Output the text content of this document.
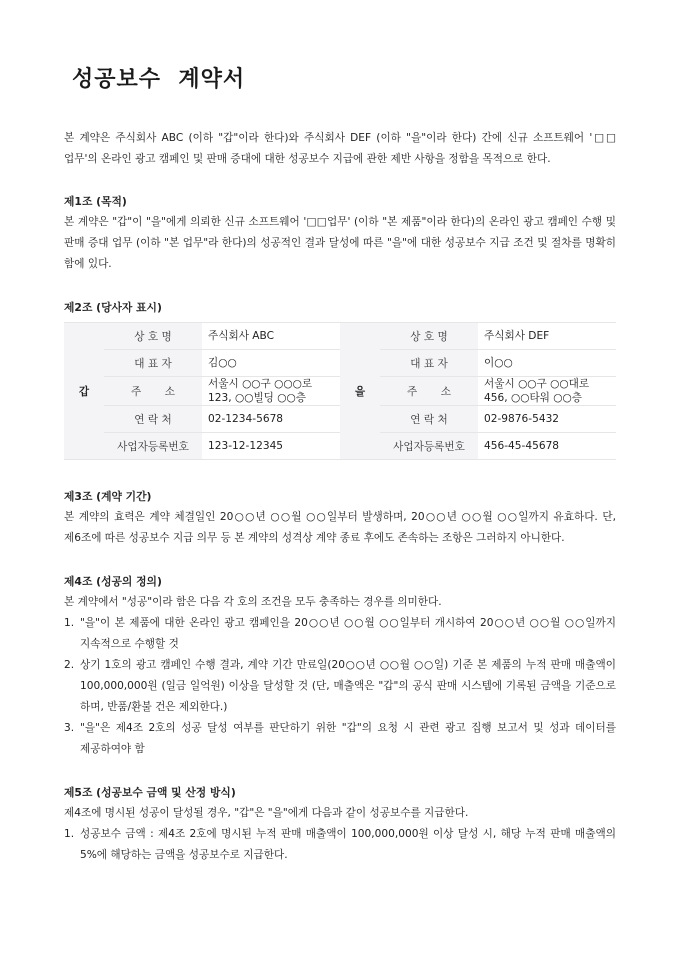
성공보수  계약서

본 계약은 주식회사 ABC (이하 "갑"이라 한다)와 주식회사 DEF (이하 "을"이라 한다) 간에 신규 소프트웨어 '□□업무'의 온라인 광고 캠페인 및 판매 증대에 대한 성공보수 지급에 관한 제반 사항을 정함을 목적으로 한다.

제1조 (목적)

본 계약은 "갑"이 "을"에게 의뢰한 신규 소프트웨어 '□□업무' (이하 "본 제품"이라 한다)의 온라인 광고 캠페인 수행 및 판매 증대 업무 (이하 "본 업무"라 한다)의 성공적인 결과 달성에 따른 "을"에 대한 성공보수 지급 조건 및 절차를 명확히 함에 있다.

제2조 (당사자 표시)

갑	상 호 명	주식회사 ABC	을	상 호 명	주식회사 DEF
	대 표 자	김○○		대 표 자	이○○
	주       소	서울시 ○○구 ○○○로 123, ○○빌딩 ○○층		주       소	서울시 ○○구 ○○대로 456, ○○타워 ○○층
	연 락 처	02-1234-5678		연 락 처	02-9876-5432
	사업자등록번호	123-12-12345		사업자등록번호	456-45-45678

제3조 (계약 기간)

본 계약의 효력은 계약 체결일인 20○○년 ○○월 ○○일부터 발생하며, 20○○년 ○○월 ○○일까지 유효하다. 단, 제6조에 따른 성공보수 지급 의무 등 본 계약의 성격상 계약 종료 후에도 존속하는 조항은 그러하지 아니한다.

제4조 (성공의 정의)

본 계약에서 "성공"이라 함은 다음 각 호의 조건을 모두 충족하는 경우를 의미한다.

1. "을"이 본 제품에 대한 온라인 광고 캠페인을 20○○년 ○○월 ○○일부터 개시하여 20○○년 ○○월 ○○일까지 지속적으로 수행할 것
2. 상기 1호의 광고 캠페인 수행 결과, 계약 기간 만료일(20○○년 ○○월 ○○일) 기준 본 제품의 누적 판매 매출액이 100,000,000원 (일금 일억원) 이상을 달성할 것 (단, 매출액은 "갑"의 공식 판매 시스템에 기록된 금액을 기준으로 하며, 반품/환불 건은 제외한다.)
3. "을"은 제4조 2호의 성공 달성 여부를 판단하기 위한 "갑"의 요청 시 관련 광고 집행 보고서 및 성과 데이터를 제공하여야 함

제5조 (성공보수 금액 및 산정 방식)

제4조에 명시된 성공이 달성될 경우, "갑"은 "을"에게 다음과 같이 성공보수를 지급한다.

1. 성공보수 금액 : 제4조 2호에 명시된 누적 판매 매출액이 100,000,000원 이상 달성 시, 해당 누적 판매 매출액의 5%에 해당하는 금액을 성공보수로 지급한다.
